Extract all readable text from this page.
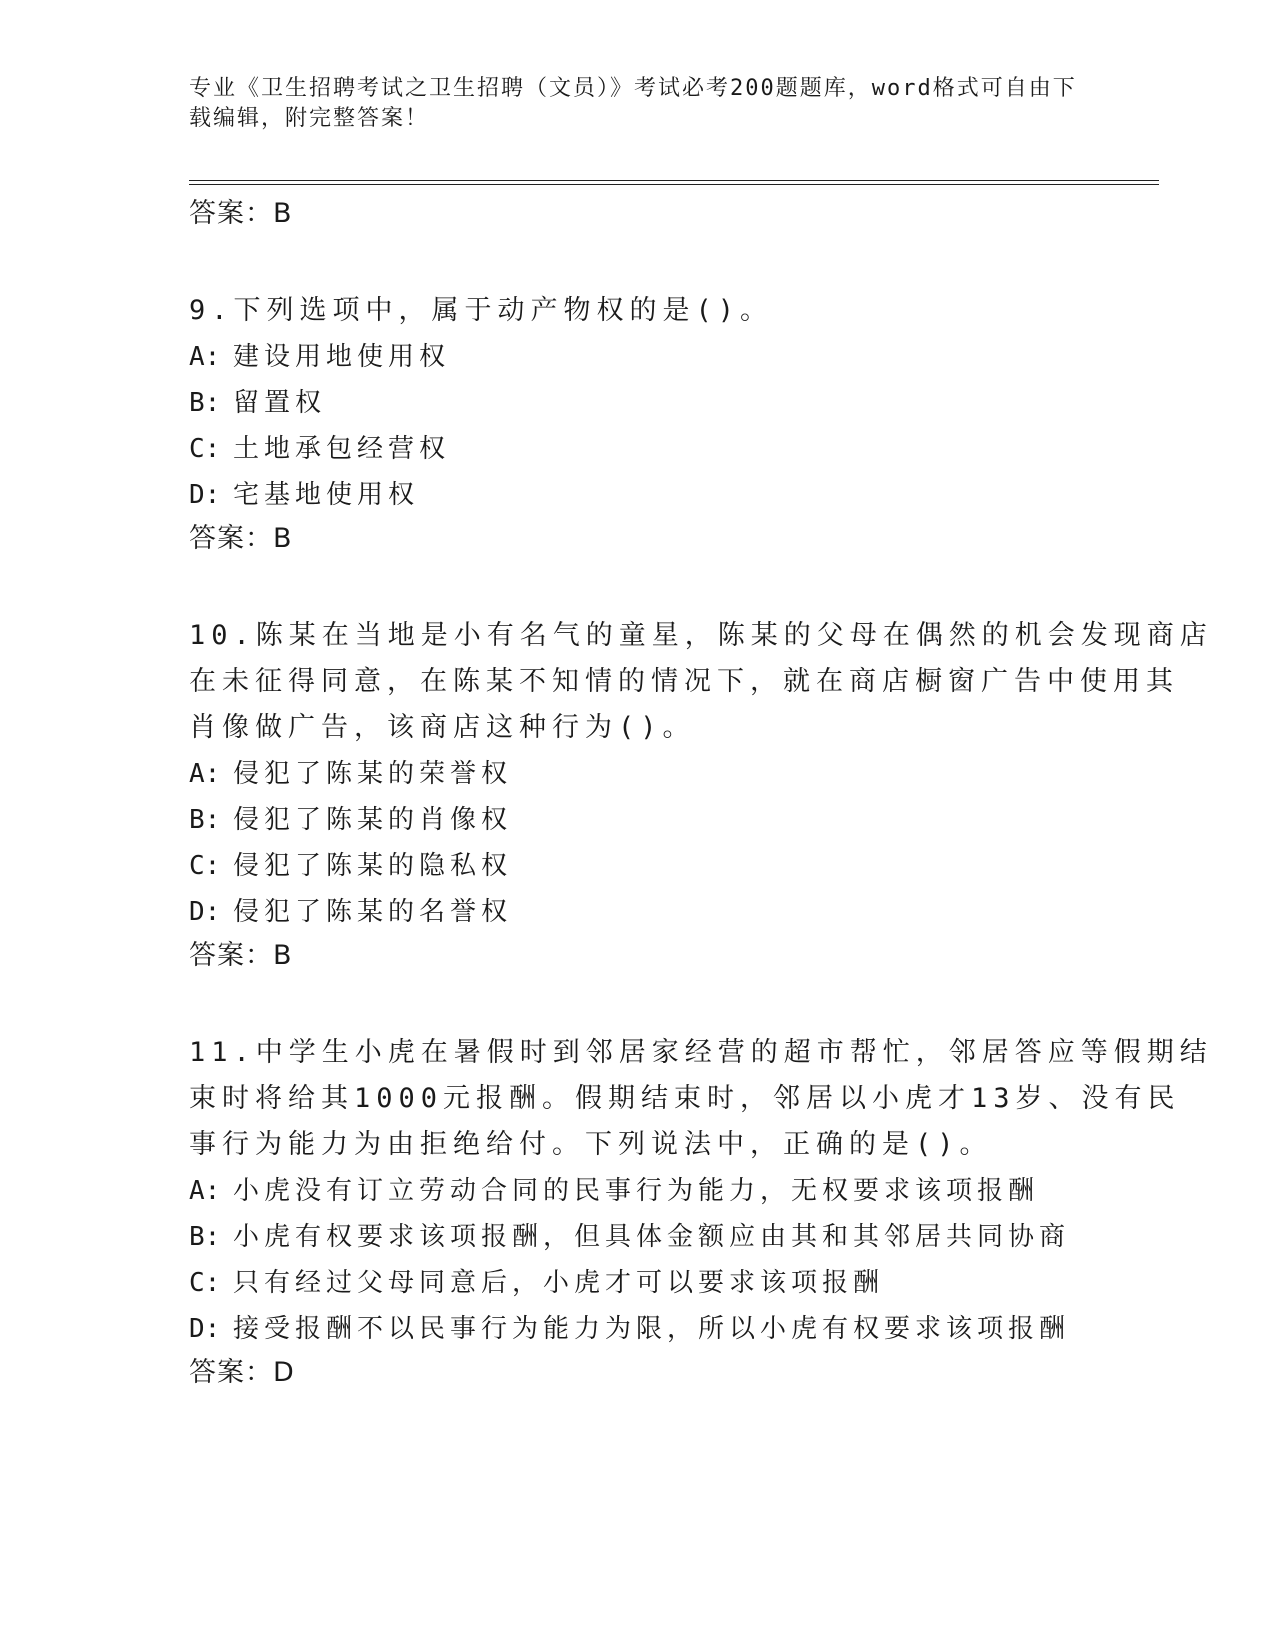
专业《卫生招聘考试之卫生招聘（文员）》考试必考200题题库，word格式可自由下载编辑，附完整答案！
答案：B
9.下列选项中，属于动产物权的是()。
A: 建设用地使用权
B: 留置权
C: 土地承包经营权
D: 宅基地使用权
答案：B
10.陈某在当地是小有名气的童星，陈某的父母在偶然的机会发现商店
在未征得同意，在陈某不知情的情况下，就在商店橱窗广告中使用其
肖像做广告，该商店这种行为()。
A: 侵犯了陈某的荣誉权
B: 侵犯了陈某的肖像权
C: 侵犯了陈某的隐私权
D: 侵犯了陈某的名誉权
答案：B
11.中学生小虎在暑假时到邻居家经营的超市帮忙，邻居答应等假期结
束时将给其1000元报酬。假期结束时，邻居以小虎才13岁、没有民
事行为能力为由拒绝给付。下列说法中，正确的是()。
A: 小虎没有订立劳动合同的民事行为能力，无权要求该项报酬
B: 小虎有权要求该项报酬，但具体金额应由其和其邻居共同协商
C: 只有经过父母同意后，小虎才可以要求该项报酬
D: 接受报酬不以民事行为能力为限，所以小虎有权要求该项报酬
答案：D
